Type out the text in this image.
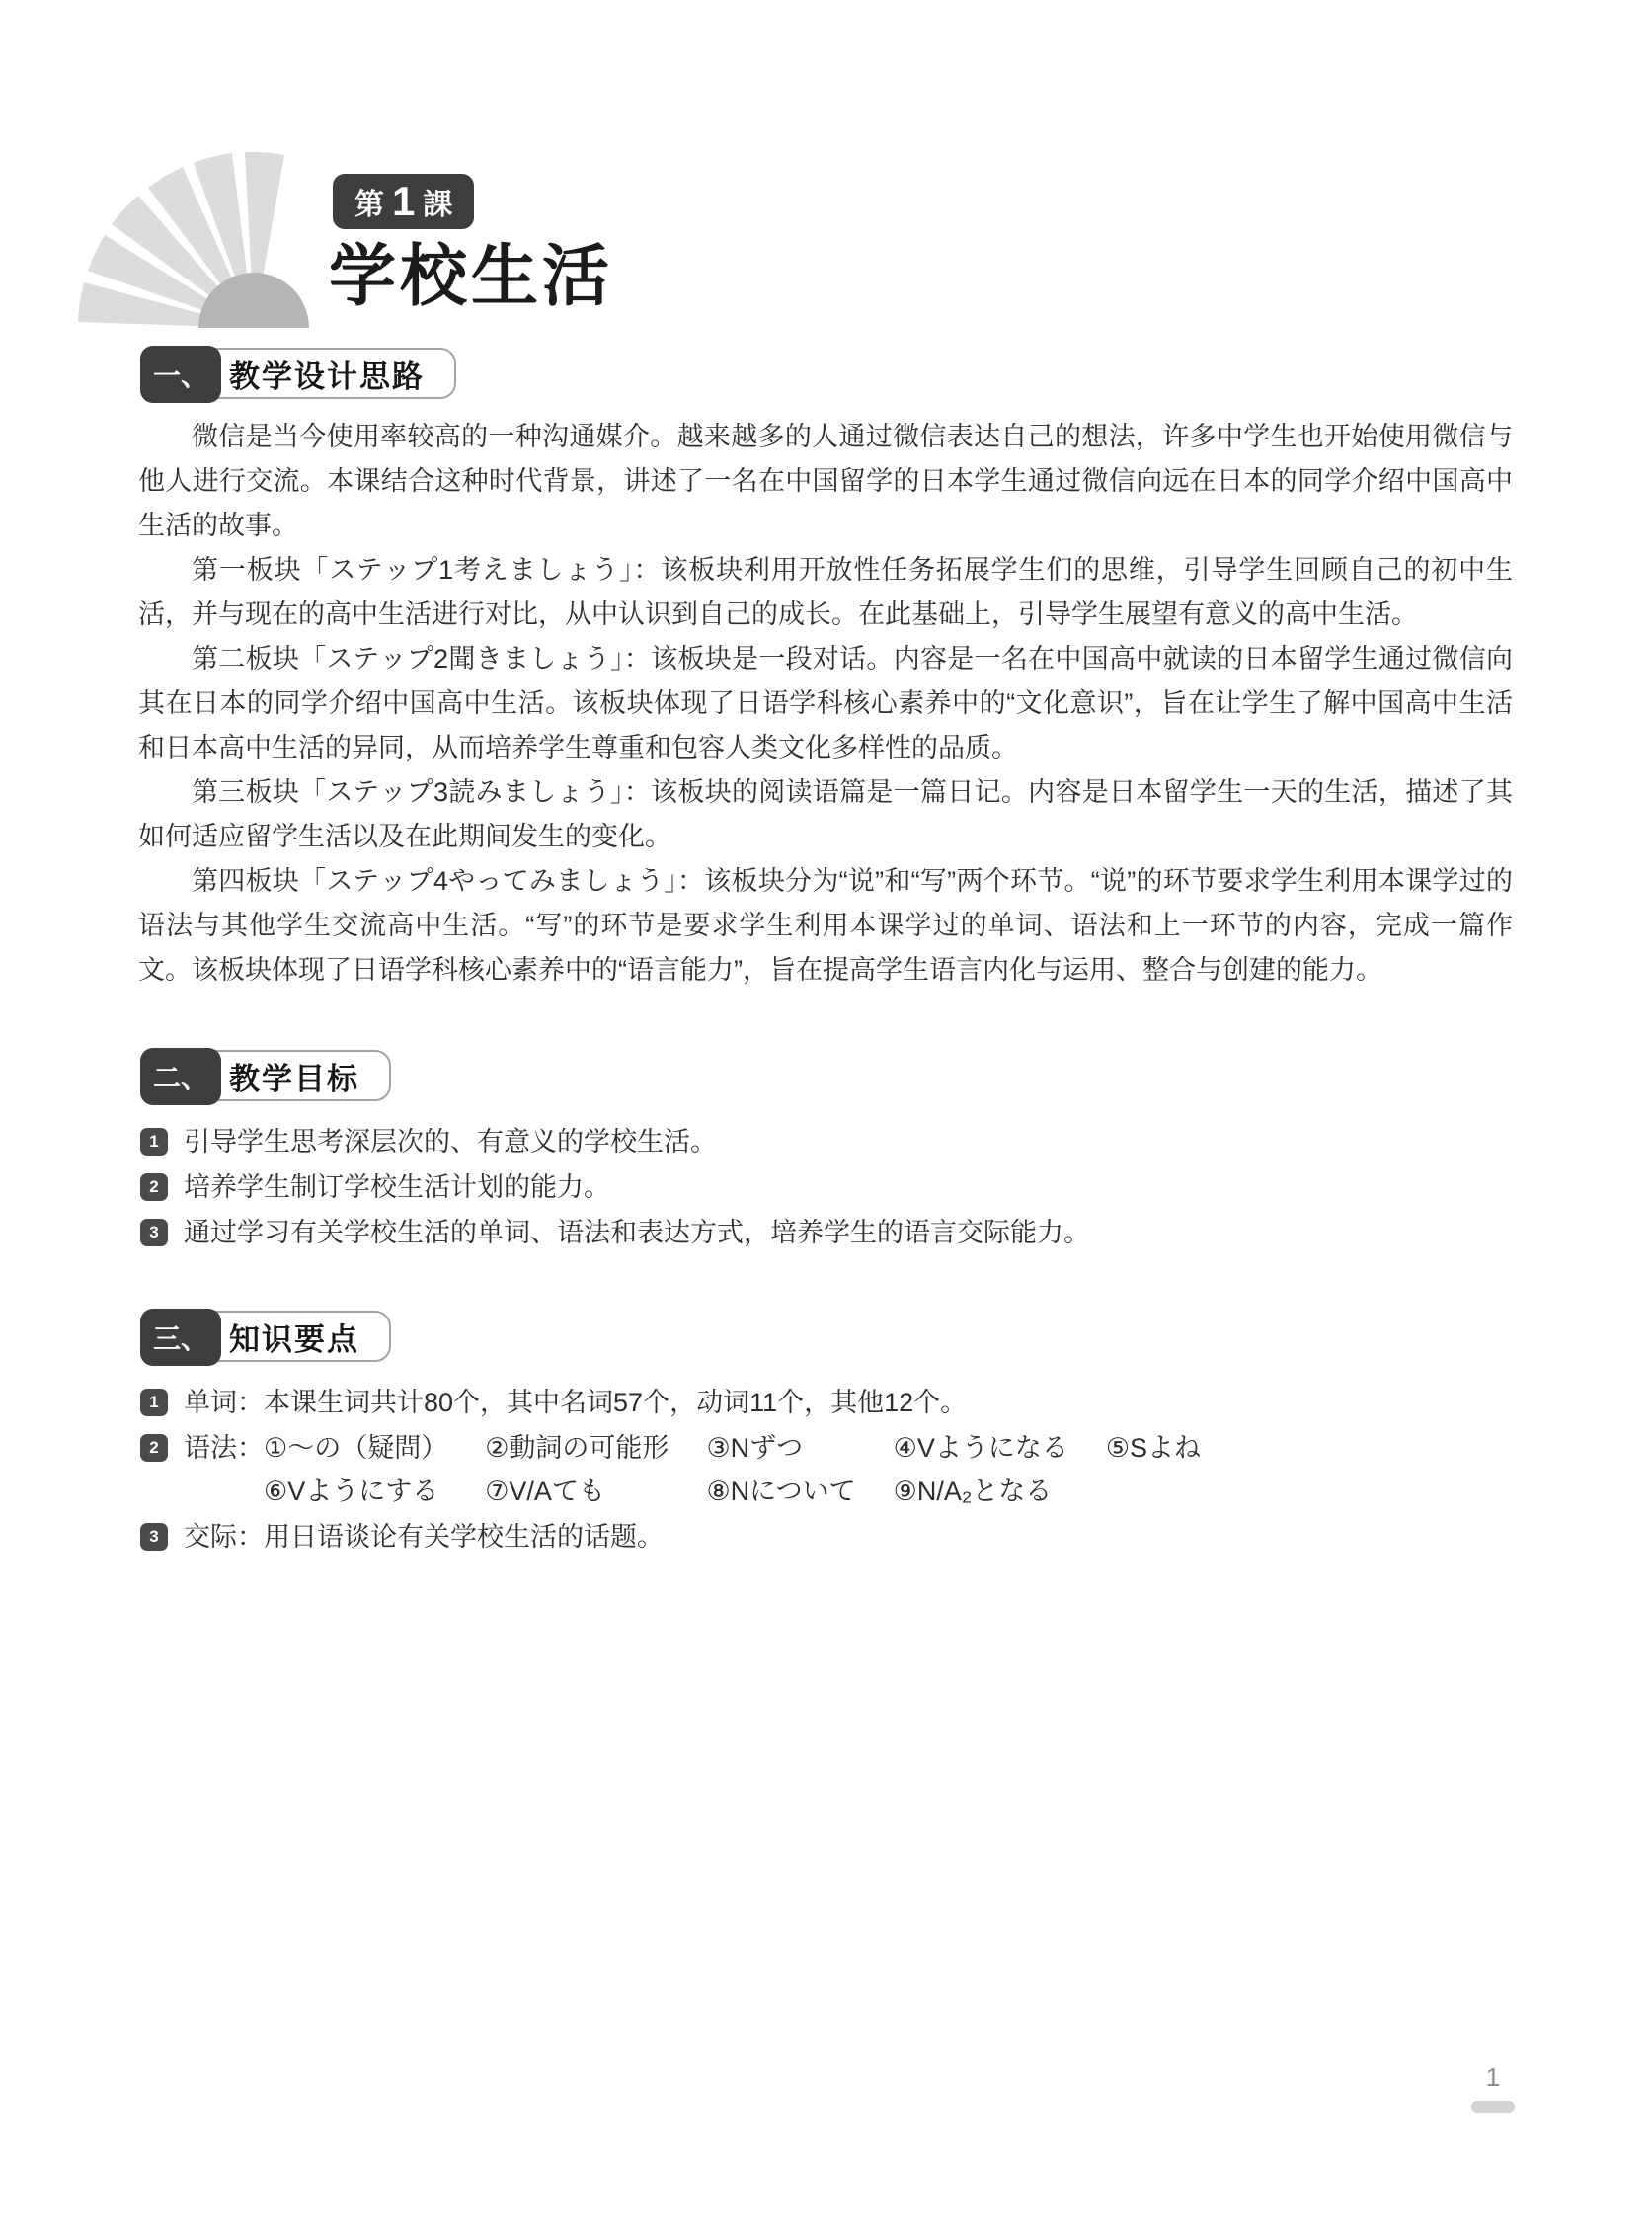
第 1 課
学校生活
一、 教学设计思路

微信是当今使用率较高的一种沟通媒介。越来越多的人通过微信表达自己的想法，许多中学生也开始使用微信与他人进行交流。本课结合这种时代背景，讲述了一名在中国留学的日本学生通过微信向远在日本的同学介绍中国高中生活的故事。

第一板块「ステップ1考えましょう」：该板块利用开放性任务拓展学生们的思维，引导学生回顾自己的初中生活，并与现在的高中生活进行对比，从中认识到自己的成长。在此基础上，引导学生展望有意义的高中生活。

第二板块「ステップ2聞きましょう」：该板块是一段对话。内容是一名在中国高中就读的日本留学生通过微信向其在日本的同学介绍中国高中生活。该板块体现了日语学科核心素养中的“文化意识”，旨在让学生了解中国高中生活和日本高中生活的异同，从而培养学生尊重和包容人类文化多样性的品质。

第三板块「ステップ3読みましょう」：该板块的阅读语篇是一篇日记。内容是日本留学生一天的生活，描述了其如何适应留学生活以及在此期间发生的变化。

第四板块「ステップ4やってみましょう」：该板块分为“说”和“写”两个环节。“说”的环节要求学生利用本课学过的语法与其他学生交流高中生活。“写”的环节是要求学生利用本课学过的单词、语法和上一环节的内容，完成一篇作文。该板块体现了日语学科核心素养中的“语言能力”，旨在提高学生语言内化与运用、整合与创建的能力。

二、 教学目标
1 引导学生思考深层次的、有意义的学校生活。
2 培养学生制订学校生活计划的能力。
3 通过学习有关学校生活的单词、语法和表达方式，培养学生的语言交际能力。
三、 知识要点
1 单词： 本课生词共计80个，其中名词57个，动词11个，其他12个。
2 语法： ①～の（疑問） ②動詞の可能形 ③Nずつ	④Vようになる ⑤Sよね
⑥Vようにする	⑦V/Aても	⑧Nについて ⑨N/A₂となる
3 交际： 用日语谈论有关学校生活的话题。
1
